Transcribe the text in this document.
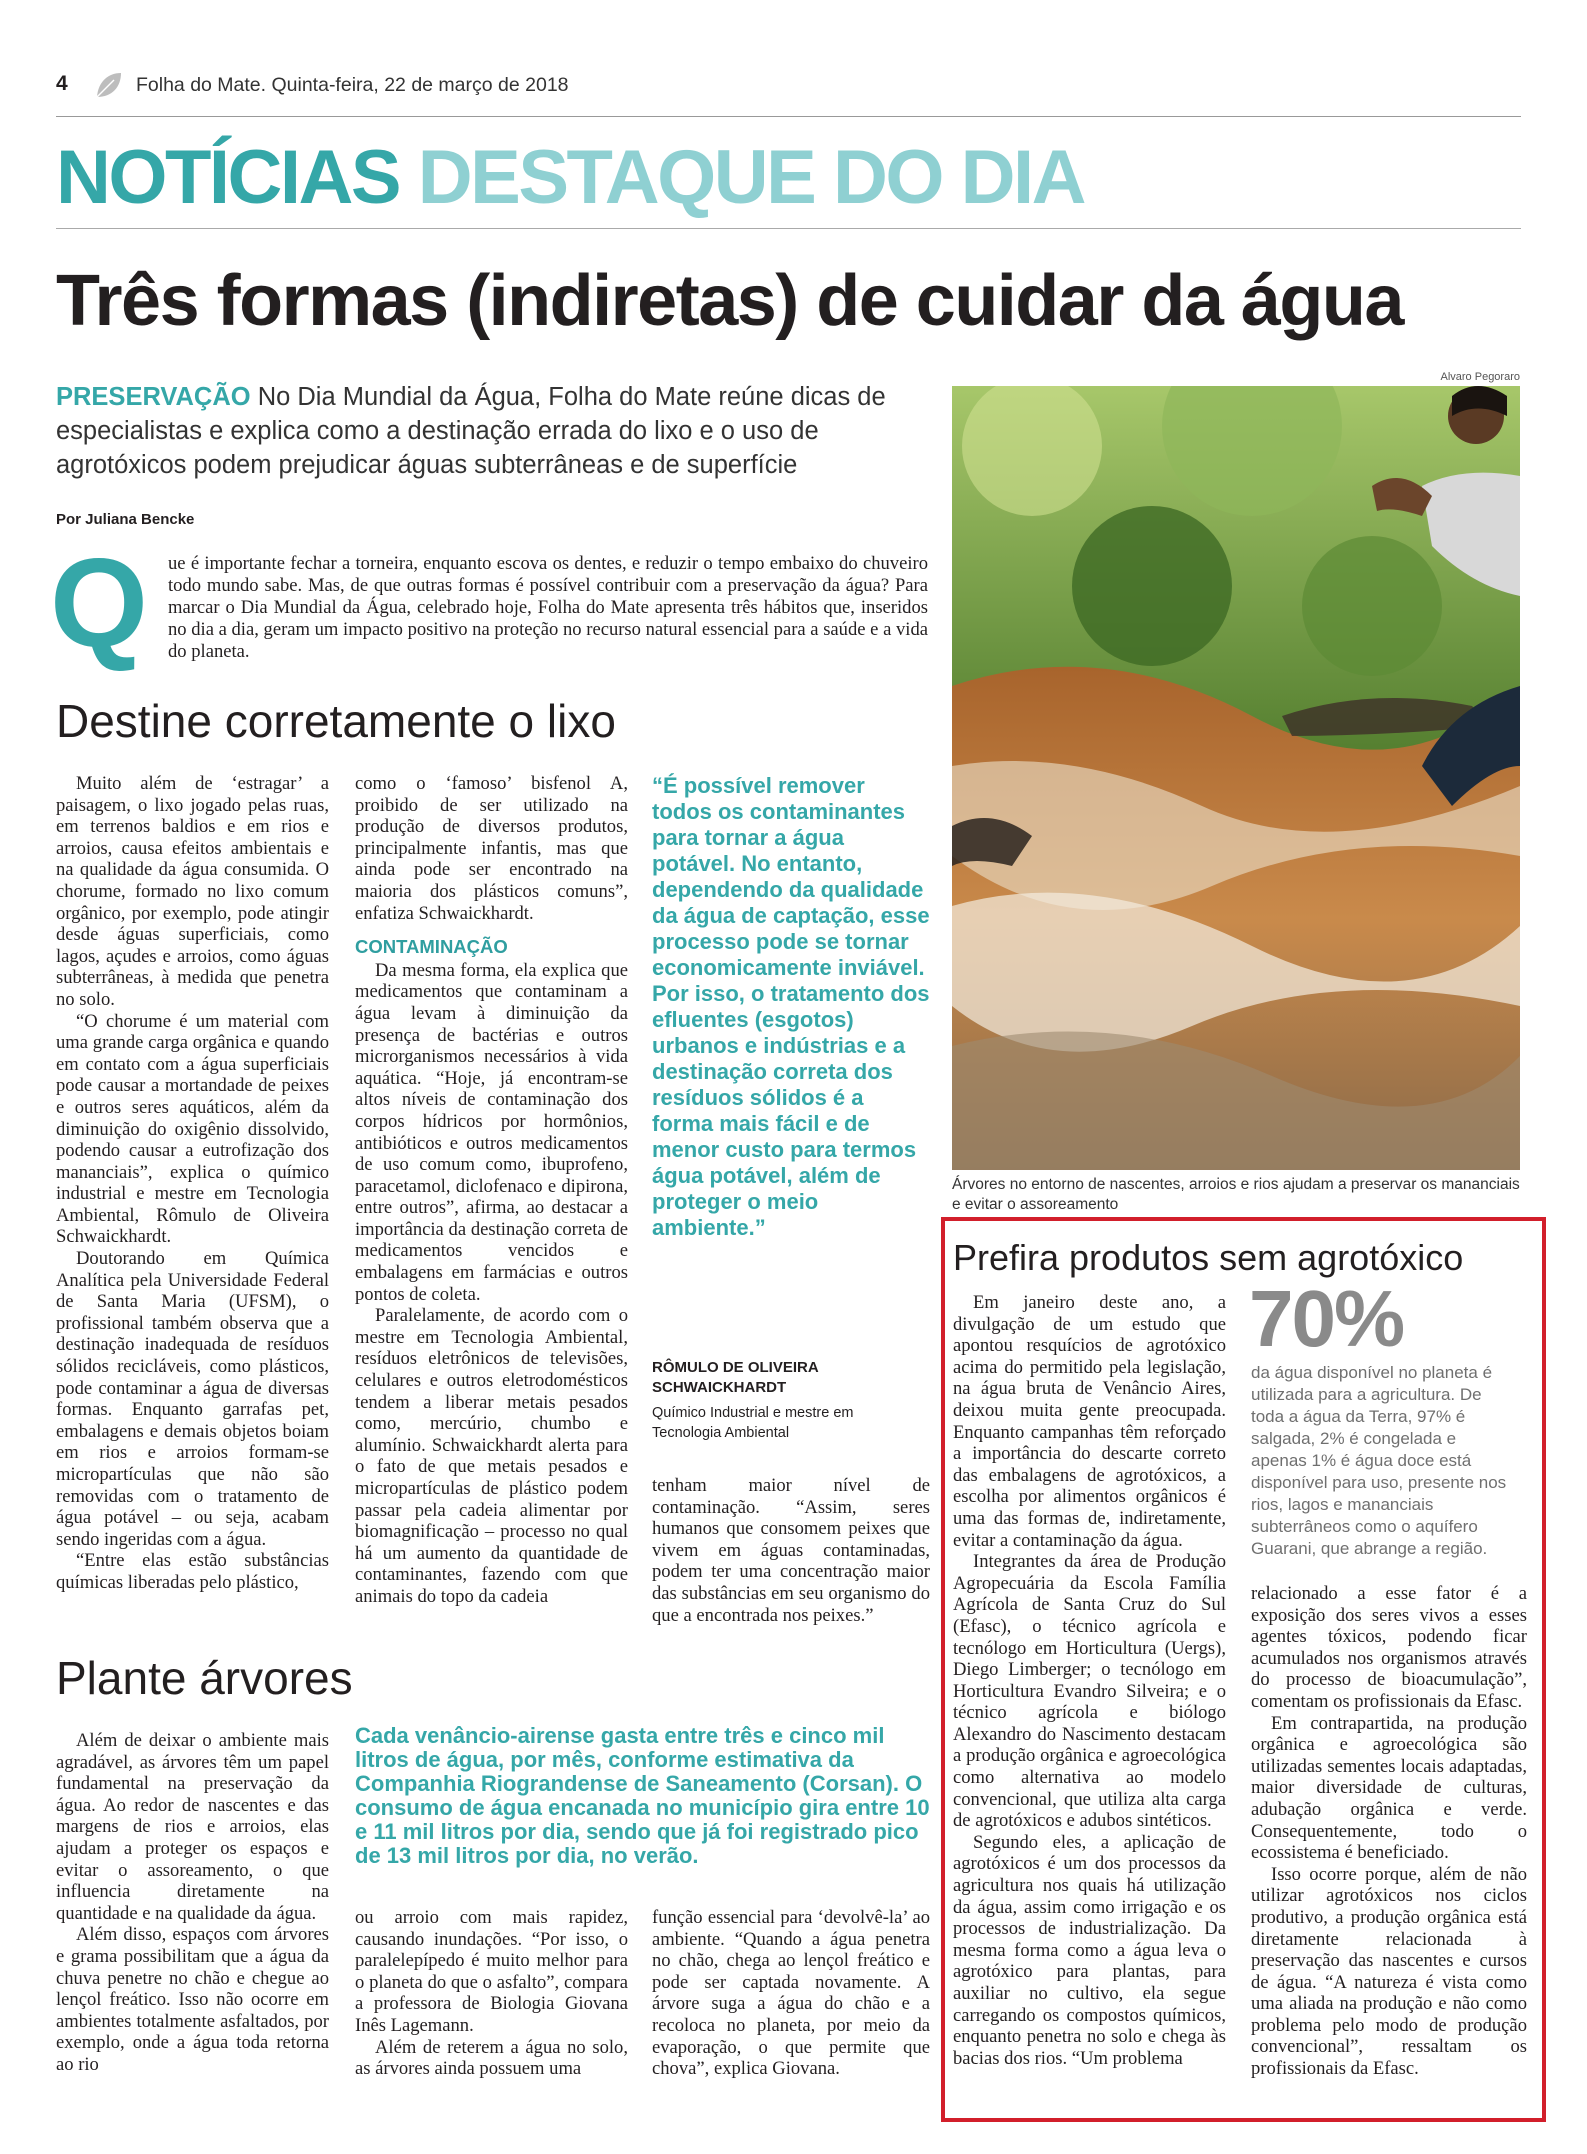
4	Folha do Mate. Quinta-feira, 22 de março de 2018
NOTÍCIAS DESTAQUE DO DIA
Três formas (indiretas) de cuidar da água
PRESERVAÇÃO No Dia Mundial da Água, Folha do Mate reúne dicas de especialistas e explica como a destinação errada do lixo e o uso de agrotóxicos podem prejudicar águas subterrâneas e de superfície
Por Juliana Bencke
Q ue é importante fechar a torneira, enquanto escova os dentes, e reduzir o tempo embaixo do chuveiro todo mundo sabe. Mas, de que outras formas é possível contribuir com a preservação da água? Para marcar o Dia Mundial da Água, celebrado hoje, Folha do Mate apresenta três hábitos que, inseridos no dia a dia, geram um impacto positivo na proteção no recurso natural essencial para a saúde e a vida do planeta.
Alvaro Pegoraro
Árvores no entorno de nascentes, arroios e rios ajudam a preservar os mananciais e evitar o assoreamento
Destine corretamente o lixo

Muito além de ‘estragar’ a paisagem, o lixo jogado pelas ruas, em terrenos baldios e em rios e arroios, causa efeitos ambientais e na qualidade da água consumida. O chorume, formado no lixo comum orgânico, por exemplo, pode atingir desde águas superficiais, como lagos, açudes e arroios, como águas subterrâneas, à medida que penetra no solo.

“O chorume é um material com uma grande carga orgânica e quando em contato com a água superficiais pode causar a mortandade de peixes e outros seres aquáticos, além da diminuição do oxigênio dissolvido, podendo causar a eutrofização dos mananciais”, explica o químico industrial e mestre em Tecnologia Ambiental, Rômulo de Oliveira Schwaickhardt.

Doutorando em Química Analítica pela Universidade Federal de Santa Maria (UFSM), o profissional também observa que a destinação inadequada de resíduos sólidos recicláveis, como plásticos, pode contaminar a água de diversas formas. Enquanto garrafas pet, embalagens e demais objetos boiam em rios e arroios formam-se micropartículas que não são removidas com o tratamento de água potável – ou seja, acabam sendo ingeridas com a água.

“Entre elas estão substâncias químicas liberadas pelo plástico,

como o ‘famoso’ bisfenol A, proibido de ser utilizado na produção de diversos produtos, principalmente infantis, mas que ainda pode ser encontrado na maioria dos plásticos comuns”, enfatiza Schwaickhardt.

CONTAMINAÇÃO

Da mesma forma, ela explica que medicamentos que contaminam a água levam à diminuição da presença de bactérias e outros microrganismos necessários à vida aquática. “Hoje, já encontram-se altos níveis de contaminação dos corpos hídricos por hormônios, antibióticos e outros medicamentos de uso comum como, ibuprofeno, paracetamol, diclofenaco e dipirona, entre outros”, afirma, ao destacar a importância da destinação correta de medicamentos vencidos e embalagens em farmácias e outros pontos de coleta.

Paralelamente, de acordo com o mestre em Tecnologia Ambiental, resíduos eletrônicos de televisões, celulares e outros eletrodomésticos tendem a liberar metais pesados como, mercúrio, chumbo e alumínio. Schwaickhardt alerta para o fato de que metais pesados e micropartículas de plástico podem passar pela cadeia alimentar por biomagnificação – processo no qual há um aumento da quantidade de contaminantes, fazendo com que animais do topo da cadeia

“É possível remover todos os contaminantes para tornar a água potável. No entanto, dependendo da qualidade da água de captação, esse processo pode se tornar economicamente inviável. Por isso, o tratamento dos efluentes (esgotos) urbanos e indústrias e a destinação correta dos resíduos sólidos é a forma mais fácil e de menor custo para termos água potável, além de proteger o meio ambiente.”
RÔMULO DE OLIVEIRA SCHWAICKHARDT
Químico Industrial e mestre em Tecnologia Ambiental

tenham maior nível de contaminação. “Assim, seres humanos que consomem peixes que vivem em águas contaminadas, podem ter uma concentração maior das substâncias em seu organismo do que a encontrada nos peixes.”

Plante árvores

Além de deixar o ambiente mais agradável, as árvores têm um papel fundamental na preservação da água. Ao redor de nascentes e das margens de rios e arroios, elas ajudam a proteger os espaços e evitar o assoreamento, o que influencia diretamente na quantidade e na qualidade da água.

Além disso, espaços com árvores e grama possibilitam que a água da chuva penetre no chão e chegue ao lençol freático. Isso não ocorre em ambientes totalmente asfaltados, por exemplo, onde a água toda retorna ao rio

Cada venâncio-airense gasta entre três e cinco mil litros de água, por mês, conforme estimativa da Companhia Riograndense de Saneamento (Corsan). O consumo de água encanada no município gira entre 10 e 11 mil litros por dia, sendo que já foi registrado pico de 13 mil litros por dia, no verão.

ou arroio com mais rapidez, causando inundações. “Por isso, o paralelepípedo é muito melhor para o planeta do que o asfalto”, compara a professora de Biologia Giovana Inês Lagemann.

Além de reterem a água no solo, as árvores ainda possuem uma

função essencial para ‘devolvê-la’ ao ambiente. “Quando a água penetra no chão, chega ao lençol freático e pode ser captada novamente. A árvore suga a água do chão e a recoloca no planeta, por meio da evaporação, o que permite que chova”, explica Giovana.

Prefira produtos sem agrotóxico

Em janeiro deste ano, a divulgação de um estudo que apontou resquícios de agrotóxico acima do permitido pela legislação, na água bruta de Venâncio Aires, deixou muita gente preocupada. Enquanto campanhas têm reforçado a importância do descarte correto das embalagens de agrotóxicos, a escolha por alimentos orgânicos é uma das formas de, indiretamente, evitar a contaminação da água.

Integrantes da área de Produção Agropecuária da Escola Família Agrícola de Santa Cruz do Sul (Efasc), o técnico agrícola e tecnólogo em Horticultura (Uergs), Diego Limberger; o tecnólogo em Horticultura Evandro Silveira; e o técnico agrícola e biólogo Alexandro do Nascimento destacam a produção orgânica e agroecológica como alternativa ao modelo convencional, que utiliza alta carga de agrotóxicos e adubos sintéticos.

Segundo eles, a aplicação de agrotóxicos é um dos processos da agricultura nos quais há utilização da água, assim como irrigação e os processos de industrialização. Da mesma forma como a água leva o agrotóxico para plantas, para auxiliar no cultivo, ela segue carregando os compostos químicos, enquanto penetra no solo e chega às bacias dos rios. “Um problema

70%
da água disponível no planeta é utilizada para a agricultura. De toda a água da Terra, 97% é salgada, 2% é congelada e apenas 1% é água doce está disponível para uso, presente nos rios, lagos e mananciais subterrâneos como o aquífero Guarani, que abrange a região.

relacionado a esse fator é a exposição dos seres vivos a esses agentes tóxicos, podendo ficar acumulados nos organismos através do processo de bioacumulação”, comentam os profissionais da Efasc.

Em contrapartida, na produção orgânica e agroecológica são utilizadas sementes locais adaptadas, maior diversidade de culturas, adubação orgânica e verde. Consequentemente, todo o ecossistema é beneficiado.

Isso ocorre porque, além de não utilizar agrotóxicos nos ciclos produtivo, a produção orgânica está diretamente relacionada à preservação das nascentes e cursos de água. “A natureza é vista como uma aliada na produção e não como problema pelo modo de produção convencional”, ressaltam os profissionais da Efasc.
